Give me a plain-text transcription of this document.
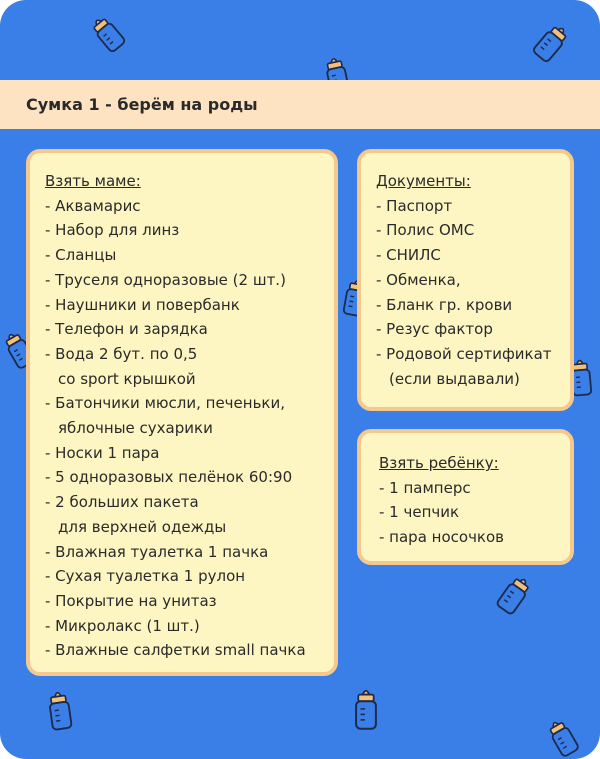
Сумка 1 - берём на роды
Взять маме:
- Аквамарис
- Набор для линз
- Сланцы
- Труселя одноразовые (2 шт.)
- Наушники и повербанк
- Телефон и зарядка
- Вода 2 бут. по 0,5
со sport крышкой
- Батончики мюсли, печеньки,
яблочные сухарики
- Носки 1 пара
- 5 одноразовых пелёнок 60:90
- 2 больших пакета
для верхней одежды
- Влажная туалетка 1 пачка
- Сухая туалетка 1 рулон
- Покрытие на унитаз
- Микролакс (1 шт.)
- Влажные салфетки small пачка
Документы:
- Паспорт
- Полис ОМС
- СНИЛС
- Обменка,
- Бланк гр. крови
- Резус фактор
- Родовой сертификат
(если выдавали)
Взять ребёнку:
- 1 памперс
- 1 чепчик
- пара носочков
